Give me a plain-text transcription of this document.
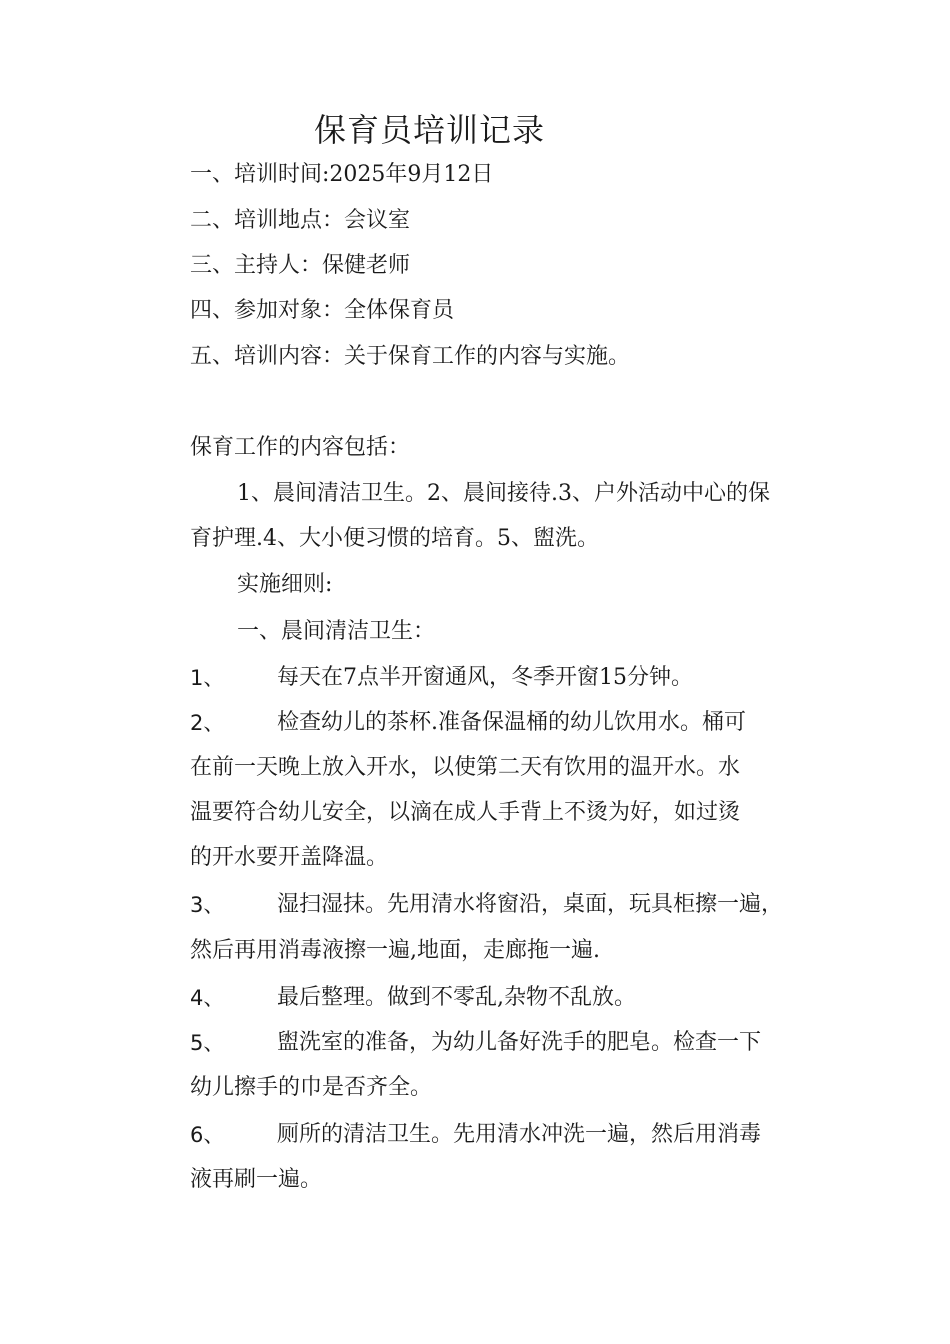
保育员培训记录
一、培训时间:2025年9月12日
二、培训地点：会议室
三、主持人：保健老师
四、参加对象：全体保育员
五、培训内容：关于保育工作的内容与实施。
保育工作的内容包括：
1、晨间清洁卫生。2、晨间接待.3、户外活动中心的保
育护理.4、大小便习惯的培育。5、盥洗。
实施细则:
一、晨间清洁卫生：
1、 每天在7点半开窗通风，冬季开窗15分钟。
2、 检查幼儿的茶杯.准备保温桶的幼儿饮用水。桶可
在前一天晚上放入开水，以使第二天有饮用的温开水。水
温要符合幼儿安全，以滴在成人手背上不烫为好，如过烫
的开水要开盖降温。
3、 湿扫湿抹。先用清水将窗沿，桌面，玩具柜擦一遍，
然后再用消毒液擦一遍,地面，走廊拖一遍.
4、 最后整理。做到不零乱,杂物不乱放。
5、 盥洗室的准备，为幼儿备好洗手的肥皂。检查一下
幼儿擦手的巾是否齐全。
6、 厕所的清洁卫生。先用清水冲洗一遍，然后用消毒
液再刷一遍。
